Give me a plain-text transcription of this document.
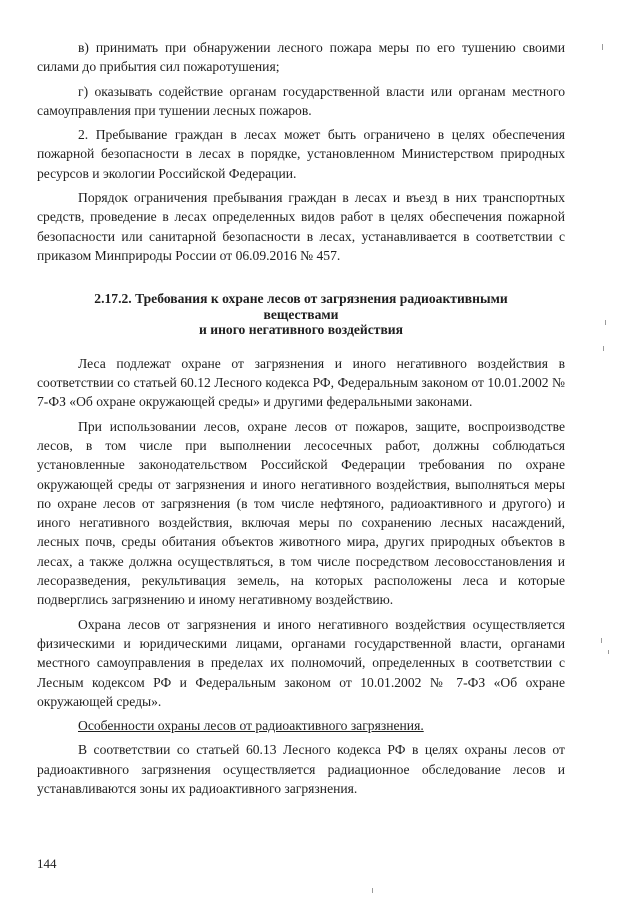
в) принимать при обнаружении лесного пожара меры по его тушению своими силами до прибытия сил пожаротушения;

г) оказывать содействие органам государственной власти или органам местного самоуправления при тушении лесных пожаров.

2. Пребывание граждан в лесах может быть ограничено в целях обеспечения пожарной безопасности в лесах в порядке, установленном Министерством природных ресурсов и экологии Российской Федерации.

Порядок ограничения пребывания граждан в лесах и въезд в них транспортных средств, проведение в лесах определенных видов работ в целях обеспечения пожарной безопасности или санитарной безопасности в лесах, устанавливается в соответствии с приказом Минприроды России от 06.09.2016 № 457.

2.17.2. Требования к охране лесов от загрязнения радиоактивными веществами
и иного негативного воздействия

Леса подлежат охране от загрязнения и иного негативного воздействия в соответствии со статьей 60.12 Лесного кодекса РФ, Федеральным законом от 10.01.2002 № 7-ФЗ «Об охране окружающей среды» и другими федеральными законами.

При использовании лесов, охране лесов от пожаров, защите, воспроизводстве лесов, в том числе при выполнении лесосечных работ, должны соблюдаться установленные законодательством Российской Федерации требования по охране окружающей среды от загрязнения и иного негативного воздействия, выполняться меры по охране лесов от загрязнения (в том числе нефтяного, радиоактивного и другого) и иного негативного воздействия, включая меры по сохранению лесных насаждений, лесных почв, среды обитания объектов животного мира, других природных объектов в лесах, а также должна осуществляться, в том числе посредством лесовосстановления и лесоразведения, рекультивация земель, на которых расположены леса и которые подверглись загрязнению и иному негативному воздействию.

Охрана лесов от загрязнения и иного негативного воздействия осуществляется физическими и юридическими лицами, органами государственной власти, органами местного самоуправления в пределах их полномочий, определенных в соответствии с Лесным кодексом РФ и Федеральным законом от 10.01.2002 № 7-ФЗ «Об охране окружающей среды».

Особенности охраны лесов от радиоактивного загрязнения.

В соответствии со статьей 60.13 Лесного кодекса РФ в целях охраны лесов от радиоактивного загрязнения осуществляется радиационное обследование лесов и устанавливаются зоны их радиоактивного загрязнения.

144
